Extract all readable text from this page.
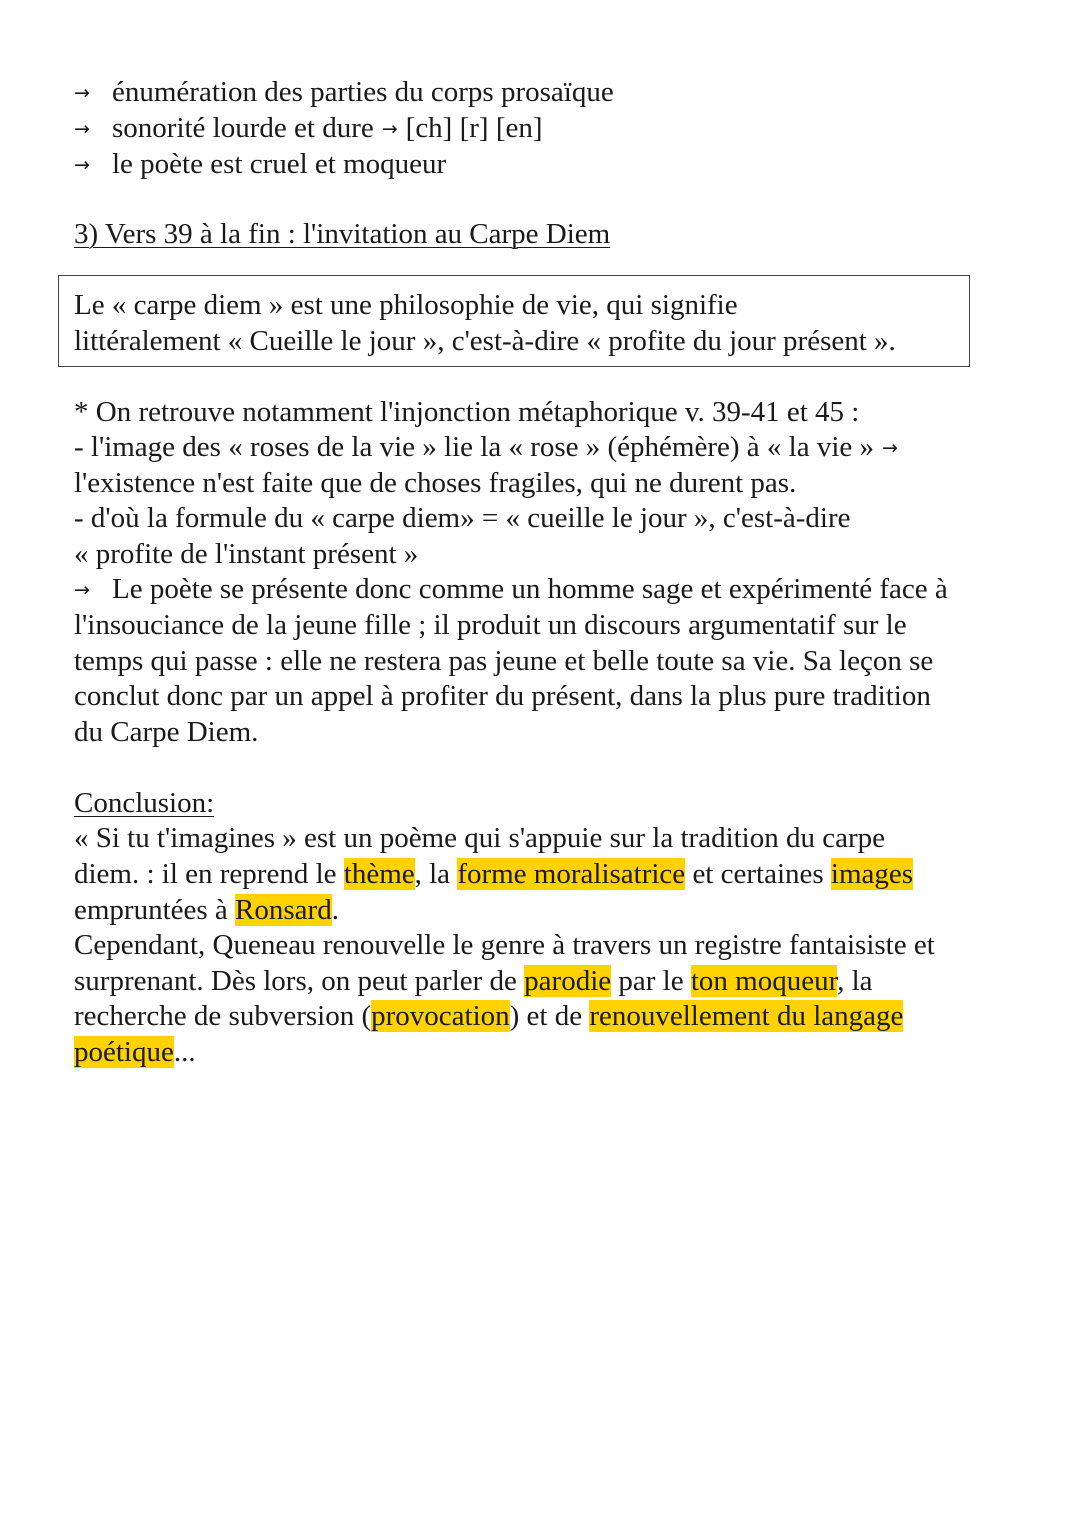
→ énumération des parties du corps prosaïque
→ sonorité lourde et dure → [ch] [r] [en]
→ le poète est cruel et moqueur
3) Vers 39 à la fin : l'invitation au Carpe Diem
Le « carpe diem » est une philosophie de vie, qui signifie
littéralement « Cueille le jour », c'est-à-dire « profite du jour présent ».
* On retrouve notamment l'injonction métaphorique v. 39-41 et 45 :
- l'image des « roses de la vie » lie la « rose » (éphémère) à « la vie » →
l'existence n'est faite que de choses fragiles, qui ne durent pas.
- d'où la formule du « carpe diem» = « cueille le jour », c'est-à-dire
« profite de l'instant présent »
→ Le poète se présente donc comme un homme sage et expérimenté face à
l'insouciance de la jeune fille ; il produit un discours argumentatif sur le
temps qui passe : elle ne restera pas jeune et belle toute sa vie. Sa leçon se
conclut donc par un appel à profiter du présent, dans la plus pure tradition
du Carpe Diem.
Conclusion:
« Si tu t'imagines » est un poème qui s'appuie sur la tradition du carpe
diem. : il en reprend le thème, la forme moralisatrice et certaines images
empruntées à Ronsard.
Cependant, Queneau renouvelle le genre à travers un registre fantaisiste et
surprenant. Dès lors, on peut parler de parodie par le ton moqueur, la
recherche de subversion (provocation) et de renouvellement du langage
poétique...
